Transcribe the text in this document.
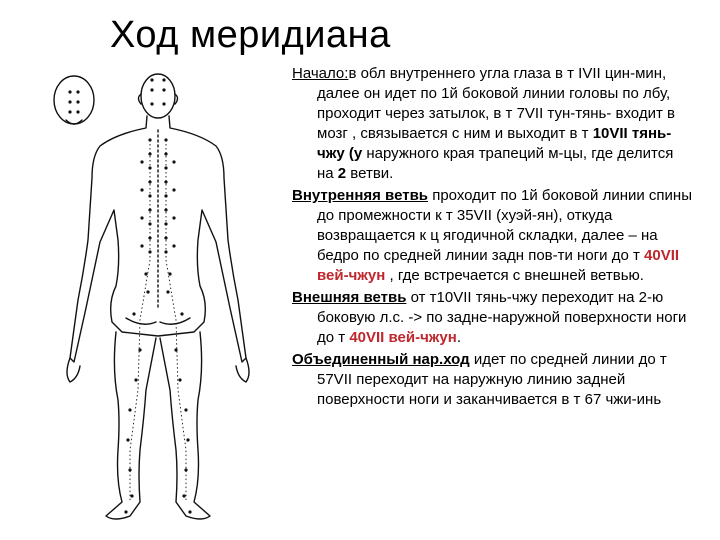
Ход меридиана

Начало:в обл внутреннего угла глаза в т IVII цин-мин, далее он идет по 1й боковой линии головы по лбу, проходит через затылок, в т 7VII тун-тянь- входит в мозг , связывается с ним и выходит в т 10VII тянь-чжу (у наружного края трапеций м-цы, где делится на 2 ветви.

Внутренняя ветвь проходит по 1й боковой линии спины до промежности к т 35VII (хуэй-ян), откуда возвращается к ц ягодичной складки, далее – на бедро по средней линии задн пов-ти ноги до т 40VII вей-чжун , где встречается с внешней ветвью.

Внешняя ветвь от т10VII тянь-чжу переходит на 2-ю боковую л.с. -> по задне-наружной поверхности ноги до т 40VII вей-чжун.

Объединенный нар.ход идет по средней линии до т 57VII переходит на наружную линию задней поверхности ноги и заканчивается в т 67 чжи-инь
